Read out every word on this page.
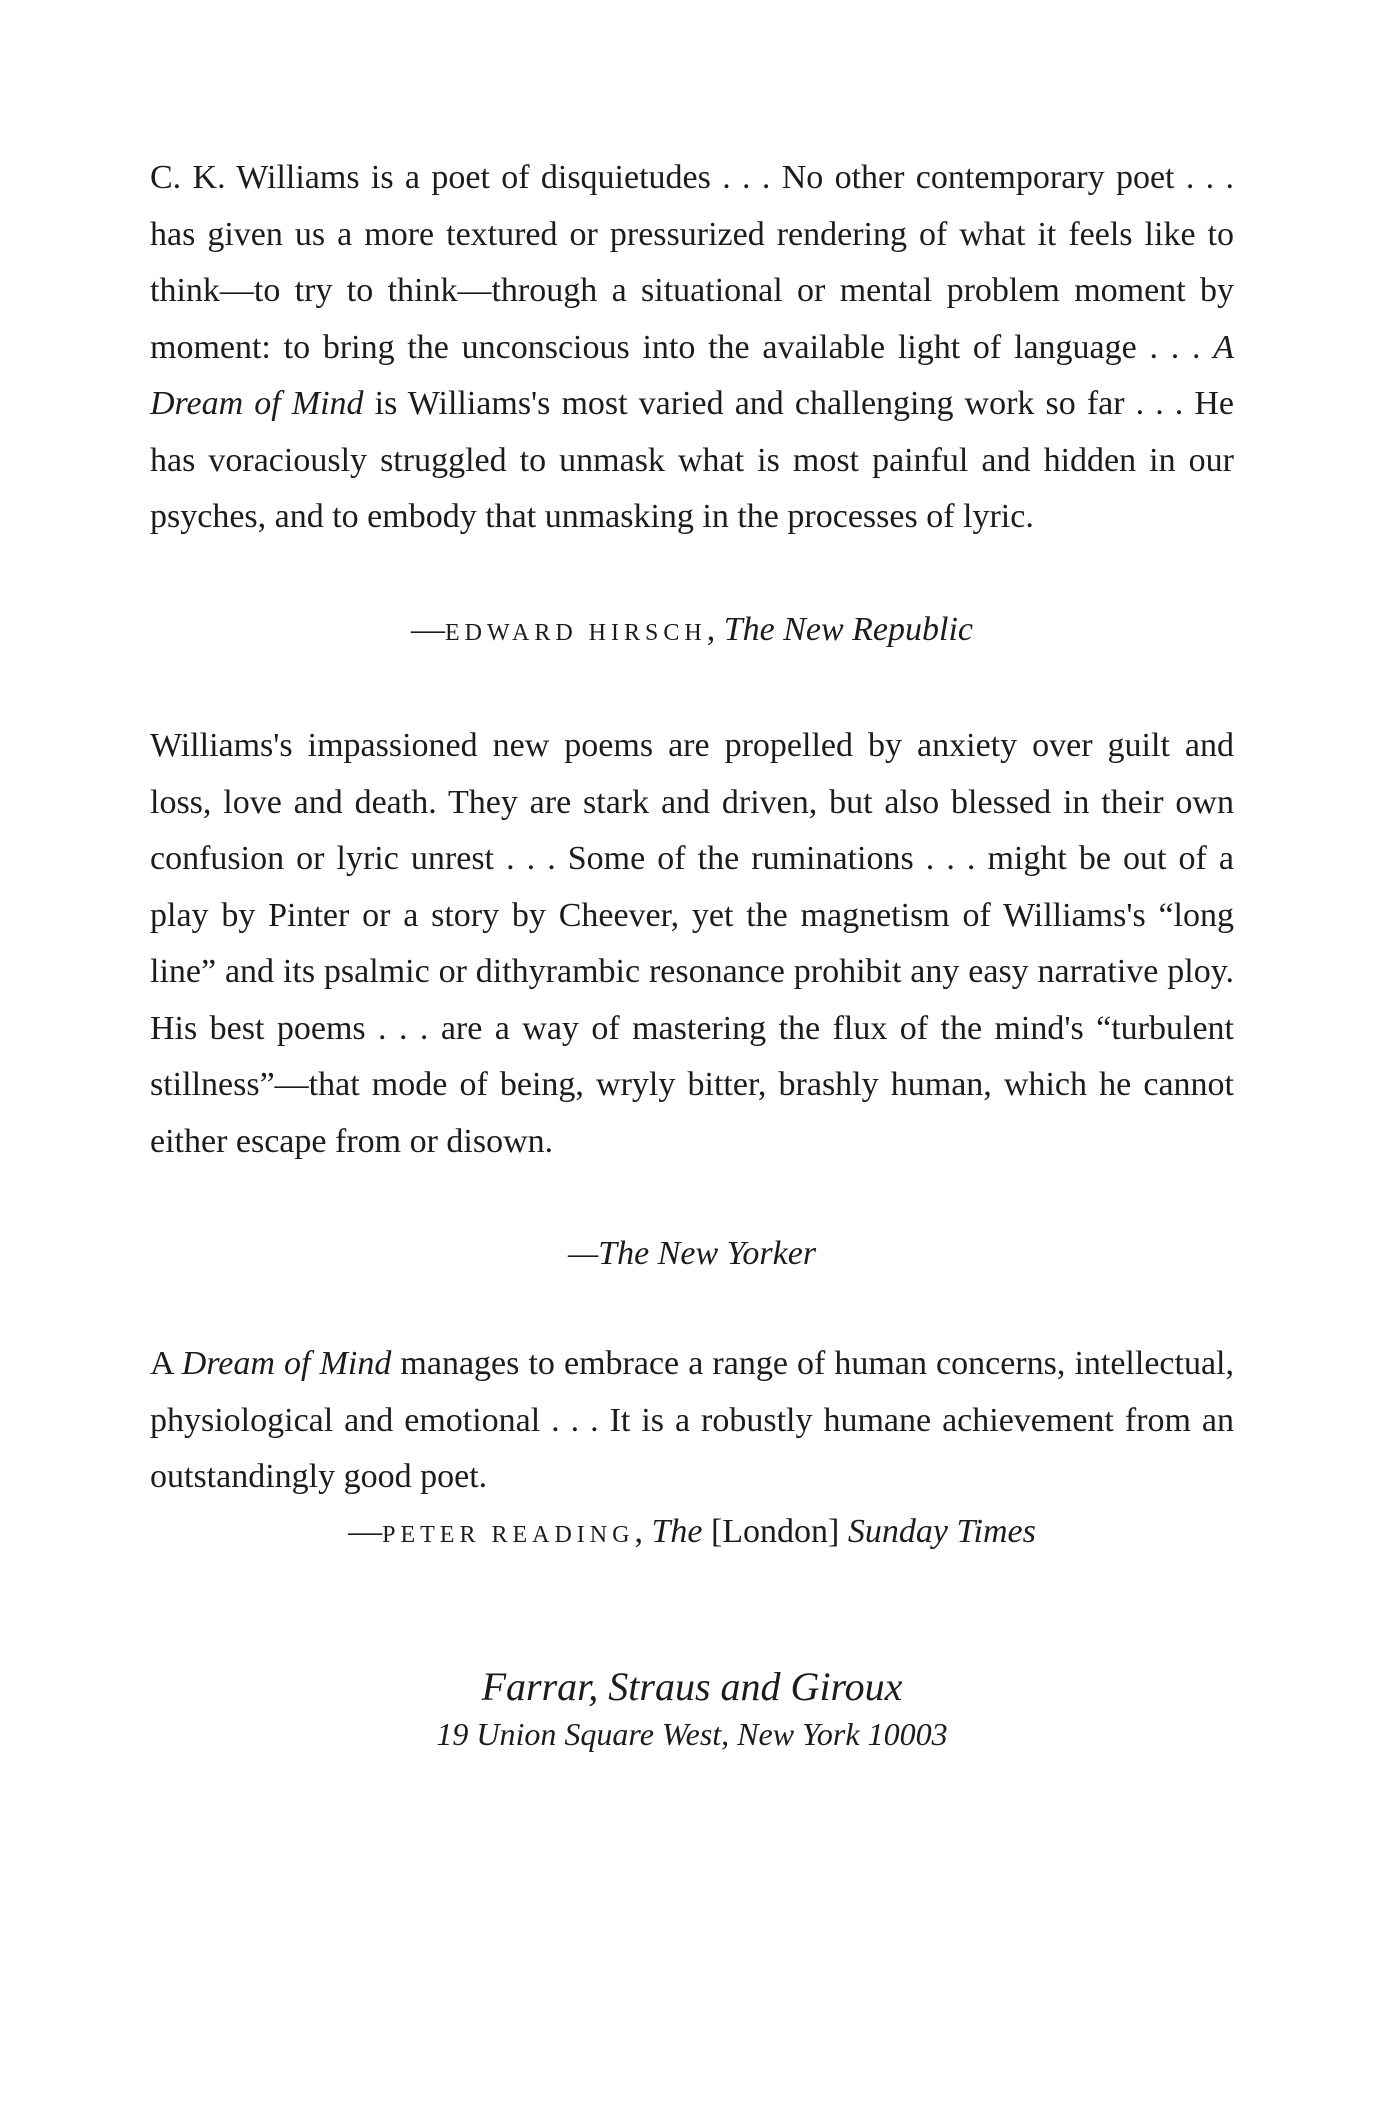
C. K. Williams is a poet of disquietudes . . . No other contemporary poet . . . has given us a more textured or pressurized rendering of what it feels like to think—to try to think—through a situational or mental problem moment by moment: to bring the unconscious into the available light of language . . . A Dream of Mind is Williams's most varied and challenging work so far . . . He has voraciously struggled to unmask what is most painful and hidden in our psyches, and to embody that unmasking in the processes of lyric.

—EDWARD HIRSCH, The New Republic

Williams's impassioned new poems are propelled by anxiety over guilt and loss, love and death. They are stark and driven, but also blessed in their own confusion or lyric unrest . . . Some of the ruminations . . . might be out of a play by Pinter or a story by Cheever, yet the magnetism of Williams's “long line” and its psalmic or dithyrambic resonance prohibit any easy narrative ploy. His best poems . . . are a way of mastering the flux of the mind's “turbulent stillness”—that mode of being, wryly bitter, brashly human, which he cannot either escape from or disown.

—The New Yorker

A Dream of Mind manages to embrace a range of human concerns, intellectual, physiological and emotional . . . It is a robustly humane achievement from an outstandingly good poet.

—PETER READING, The [London] Sunday Times

Farrar, Straus and Giroux
19 Union Square West, New York 10003
